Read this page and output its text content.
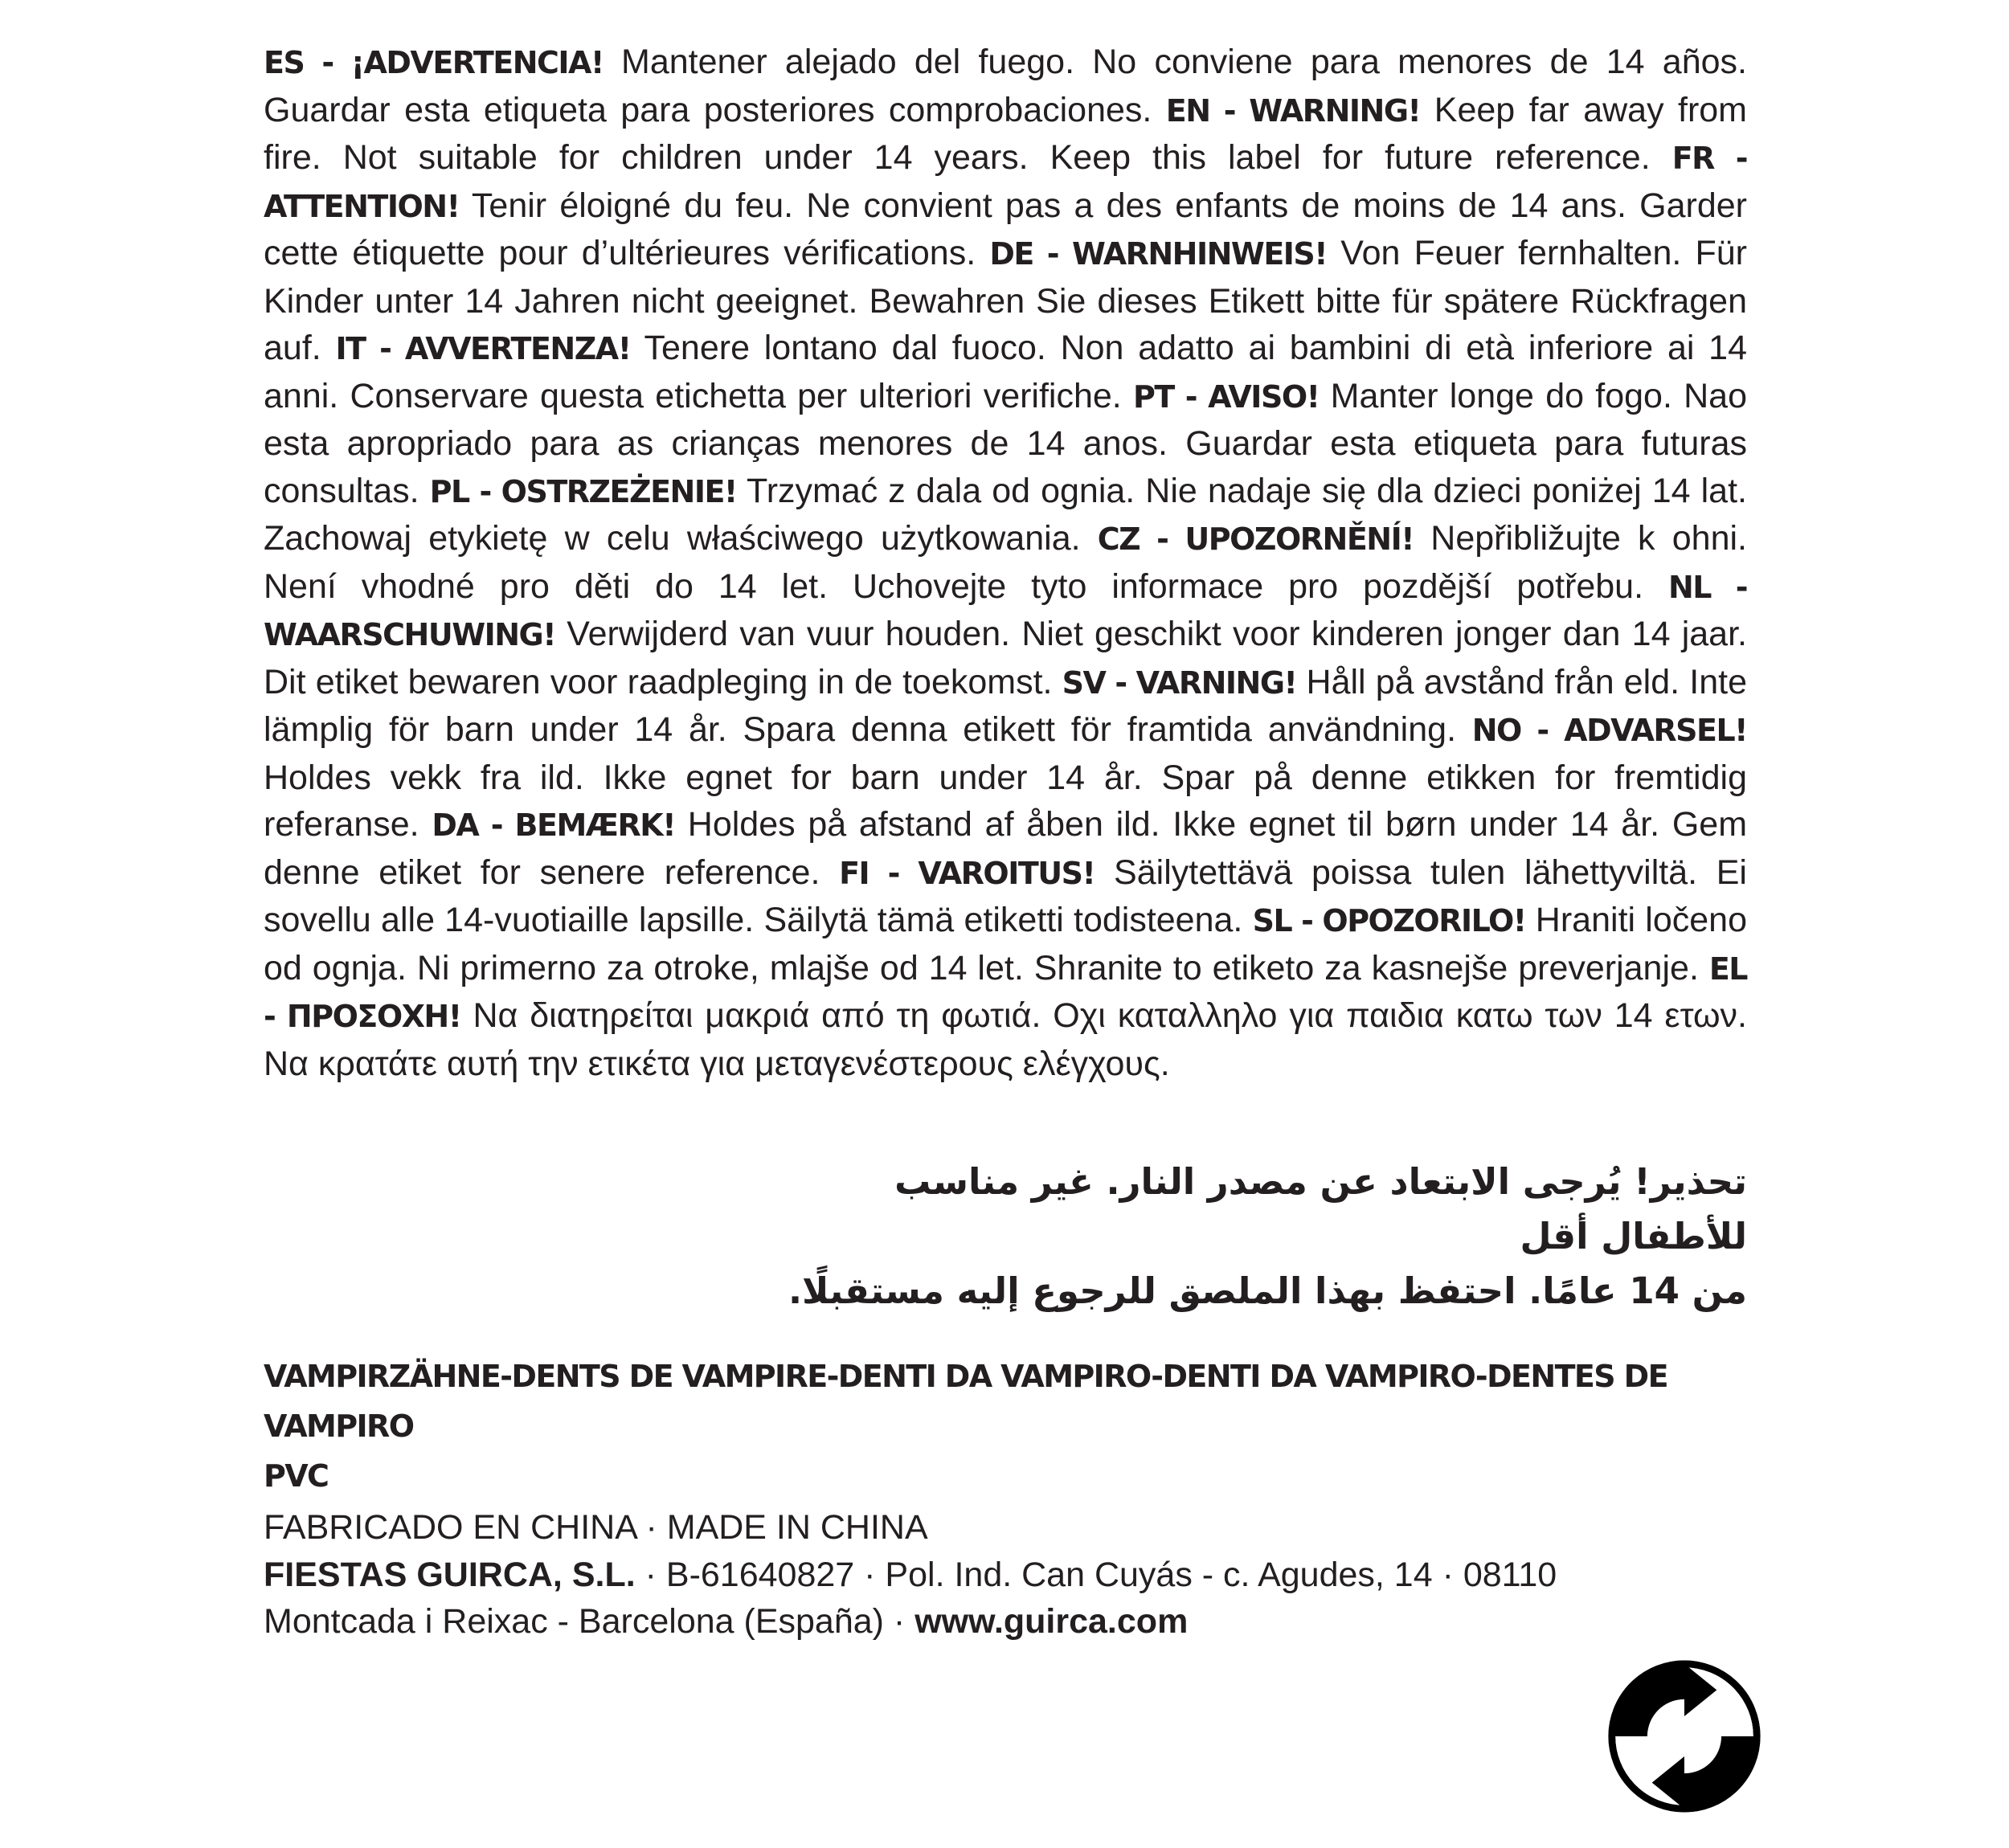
ES - ¡ADVERTENCIA! Mantener alejado del fuego. No conviene para menores de 14 años. Guardar esta etiqueta para posteriores comprobaciones. EN - WARNING! Keep far away from fire. Not suitable for children under 14 years. Keep this label for future reference. FR - ATTENTION! Tenir éloigné du feu. Ne convient pas a des enfants de moins de 14 ans. Garder cette étiquette pour d’ultérieures vérifications. DE - WARNHINWEIS! Von Feuer fernhalten. Für Kinder unter 14 Jahren nicht geeignet. Bewahren Sie dieses Etikett bitte für spätere Rückfragen auf. IT - AVVERTENZA! Tenere lontano dal fuoco. Non adatto ai bambini di età inferiore ai 14 anni. Conservare questa etichetta per ulteriori verifiche. PT - AVISO! Manter longe do fogo. Nao esta apropriado para as crianças menores de 14 anos. Guardar esta etiqueta para futuras consultas. PL - OSTRZEŻENIE! Trzymać z dala od ognia. Nie nadaje się dla dzieci poniżej 14 lat. Zachowaj etykietę w celu właściwego użytkowania. CZ - UPOZORNĚNÍ! Nepřibližujte k ohni. Není vhodné pro děti do 14 let. Uchovejte tyto informace pro pozdější potřebu. NL - WAARSCHUWING! Verwijderd van vuur houden. Niet geschikt voor kinderen jonger dan 14 jaar. Dit etiket bewaren voor raadpleging in de toekomst. SV - VARNING! Håll på avstånd från eld. Inte lämplig för barn under 14 år. Spara denna etikett för framtida användning. NO - ADVARSEL! Holdes vekk fra ild. Ikke egnet for barn under 14 år. Spar på denne etikken for fremtidig referanse. DA - BEMÆRK! Holdes på afstand af åben ild. Ikke egnet til børn under 14 år. Gem denne etiket for senere reference. FI - VAROITUS! Säilytettävä poissa tulen lähettyviltä. Ei sovellu alle 14-vuotiaille lapsille. Säilytä tämä etiketti todisteena. SL - OPOZORILO! Hraniti ločeno od ognja. Ni primerno za otroke, mlajše od 14 let. Shranite to etiketo za kasnejše preverjanje. EL - ΠΡΟΣΟΧΗ! Να διατηρείται μακριά από τη φωτιά. Οχι καταλληλο για παιδια κατω των 14 ετων. Να κρατάτε αυτή την ετικέτα για μεταγενέστερους ελέγχους.
تحذير! يُرجى الابتعاد عن مصدر النار. غير مناسب للأطفال أقل
من 14 عامًا. احتفظ بهذا الملصق للرجوع إليه مستقبلًا.
VAMPIRZÄHNE-DENTS DE VAMPIRE-DENTI DA VAMPIRO-DENTI DA VAMPIRO-DENTES DE VAMPIRO
PVC
FABRICADO EN CHINA · MADE IN CHINA
FIESTAS GUIRCA, S.L. · B-61640827 · Pol. Ind. Can Cuyás - c. Agudes, 14 · 08110
Montcada i Reixac - Barcelona (España) · www.guirca.com
